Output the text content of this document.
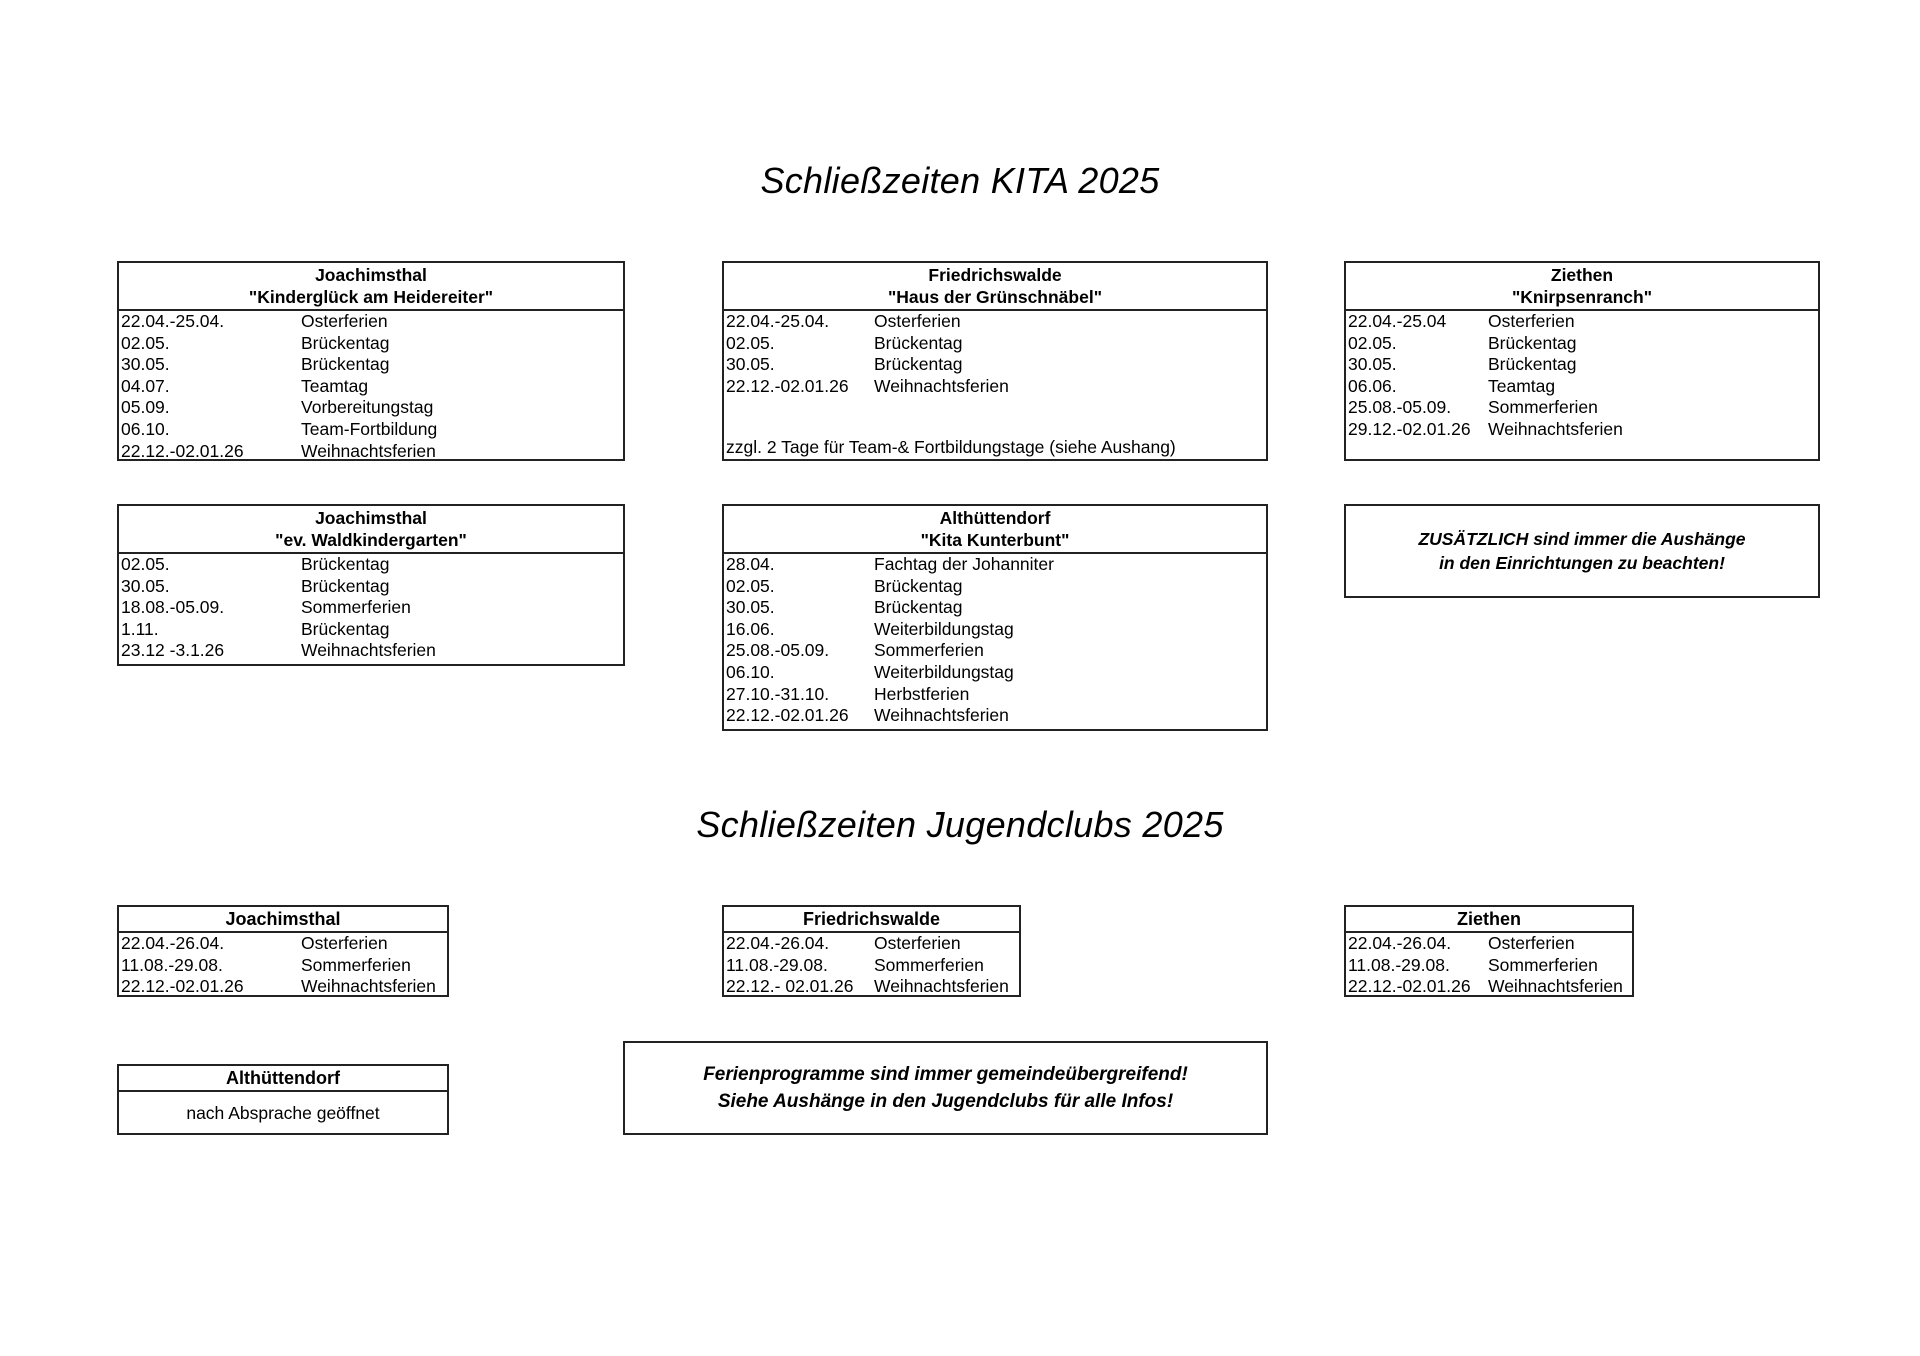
Schließzeiten KITA 2025
Joachimsthal
"Kinderglück am Heidereiter"
22.04.-25.04.	Osterferien
02.05.	Brückentag
30.05.	Brückentag
04.07.	Teamtag
05.09.	Vorbereitungstag
06.10.	Team-Fortbildung
22.12.-02.01.26	Weihnachtsferien
Friedrichswalde
"Haus der Grünschnäbel"
22.04.-25.04.	Osterferien
02.05.	Brückentag
30.05.	Brückentag
22.12.-02.01.26	Weihnachtsferien
zzgl. 2 Tage für Team-& Fortbildungstage (siehe Aushang)
Ziethen
"Knirpsenranch"
22.04.-25.04	Osterferien
02.05.	Brückentag
30.05.	Brückentag
06.06.	Teamtag
25.08.-05.09.	Sommerferien
29.12.-02.01.26 Weihnachtsferien
Joachimsthal
"ev. Waldkindergarten"
02.05.	Brückentag
30.05.	Brückentag
18.08.-05.09.	Sommerferien
1.11.	Brückentag
23.12 -3.1.26	Weihnachtsferien
Althüttendorf
"Kita Kunterbunt"
28.04.	Fachtag der Johanniter
02.05.	Brückentag
30.05.	Brückentag
16.06.	Weiterbildungstag
25.08.-05.09.	Sommerferien
06.10.	Weiterbildungstag
27.10.-31.10.	Herbstferien
22.12.-02.01.26	Weihnachtsferien
ZUSÄTZLICH sind immer die Aushänge
in den Einrichtungen zu beachten!
Schließzeiten Jugendclubs 2025
Joachimsthal
22.04.-26.04.	Osterferien
11.08.-29.08.	Sommerferien
22.12.-02.01.26	Weihnachtsferien
Friedrichswalde
22.04.-26.04.	Osterferien
11.08.-29.08.	Sommerferien
22.12.- 02.01.26	Weihnachtsferien
Ziethen
22.04.-26.04.	Osterferien
11.08.-29.08.	Sommerferien
22.12.-02.01.26 Weihnachtsferien
Althüttendorf
nach Absprache geöffnet
Ferienprogramme sind immer gemeindeübergreifend!
Siehe Aushänge in den Jugendclubs für alle Infos!
